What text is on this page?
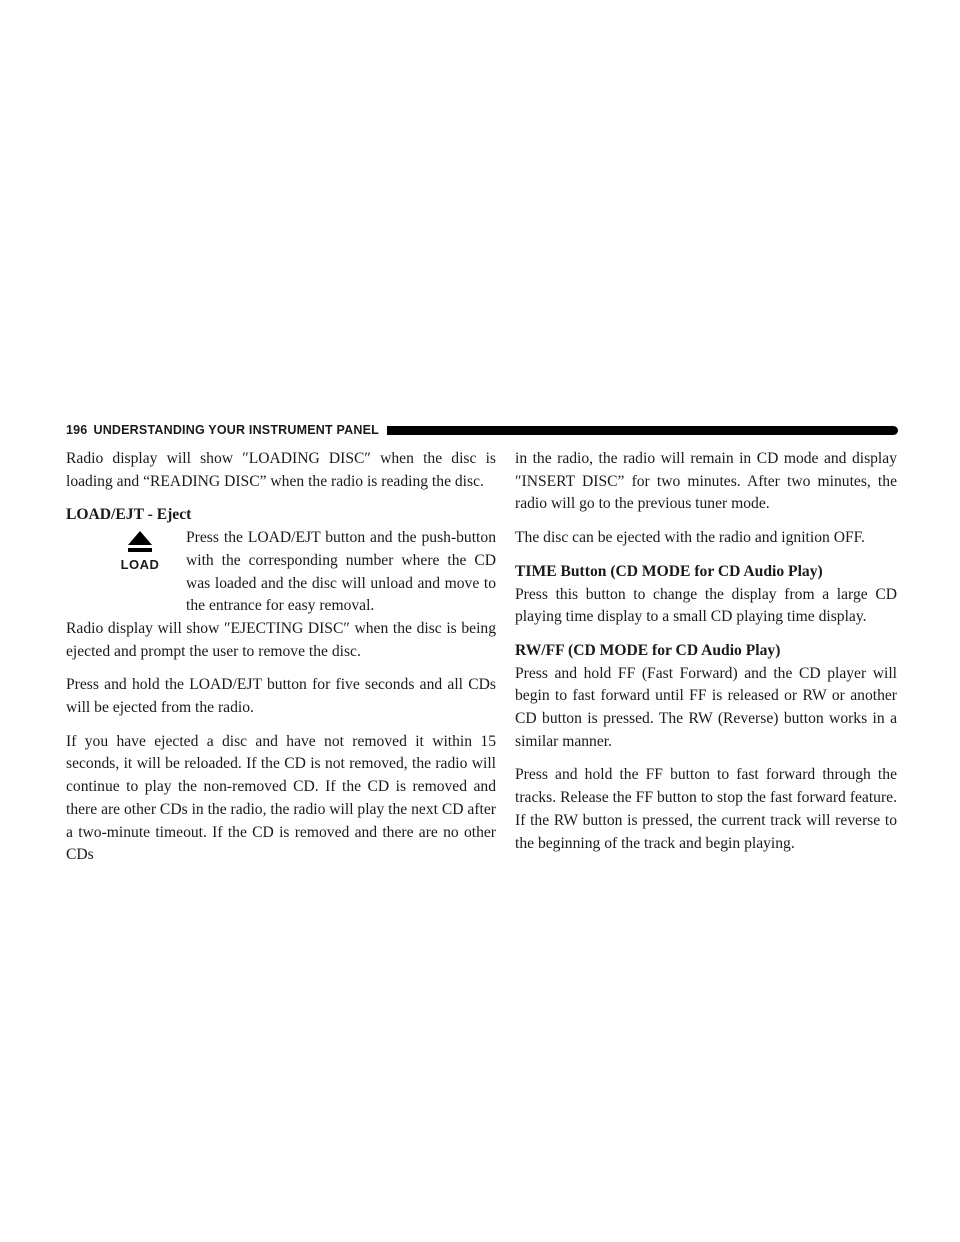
196 UNDERSTANDING YOUR INSTRUMENT PANEL

Radio display will show ″LOADING DISC″ when the disc is loading and “READING DISC” when the radio is reading the disc.

LOAD/EJT - Eject
LOAD

Press the LOAD/EJT button and the push-button with the corresponding number where the CD was loaded and the disc will unload and move to the entrance for easy removal.

Radio display will show ″EJECTING DISC″ when the disc is being ejected and prompt the user to remove the disc.

Press and hold the LOAD/EJT button for five seconds and all CDs will be ejected from the radio.

If you have ejected a disc and have not removed it within 15 seconds, it will be reloaded. If the CD is not removed, the radio will continue to play the non-removed CD. If the CD is removed and there are other CDs in the radio, the radio will play the next CD after a two-minute timeout. If the CD is removed and there are no other CDs

in the radio, the radio will remain in CD mode and display ″INSERT DISC” for two minutes. After two minutes, the radio will go to the previous tuner mode.

The disc can be ejected with the radio and ignition OFF.

TIME Button (CD MODE for CD Audio Play)

Press this button to change the display from a large CD playing time display to a small CD playing time display.

RW/FF (CD MODE for CD Audio Play)

Press and hold FF (Fast Forward) and the CD player will begin to fast forward until FF is released or RW or another CD button is pressed. The RW (Reverse) button works in a similar manner.

Press and hold the FF button to fast forward through the tracks. Release the FF button to stop the fast forward feature. If the RW button is pressed, the current track will reverse to the beginning of the track and begin playing.
